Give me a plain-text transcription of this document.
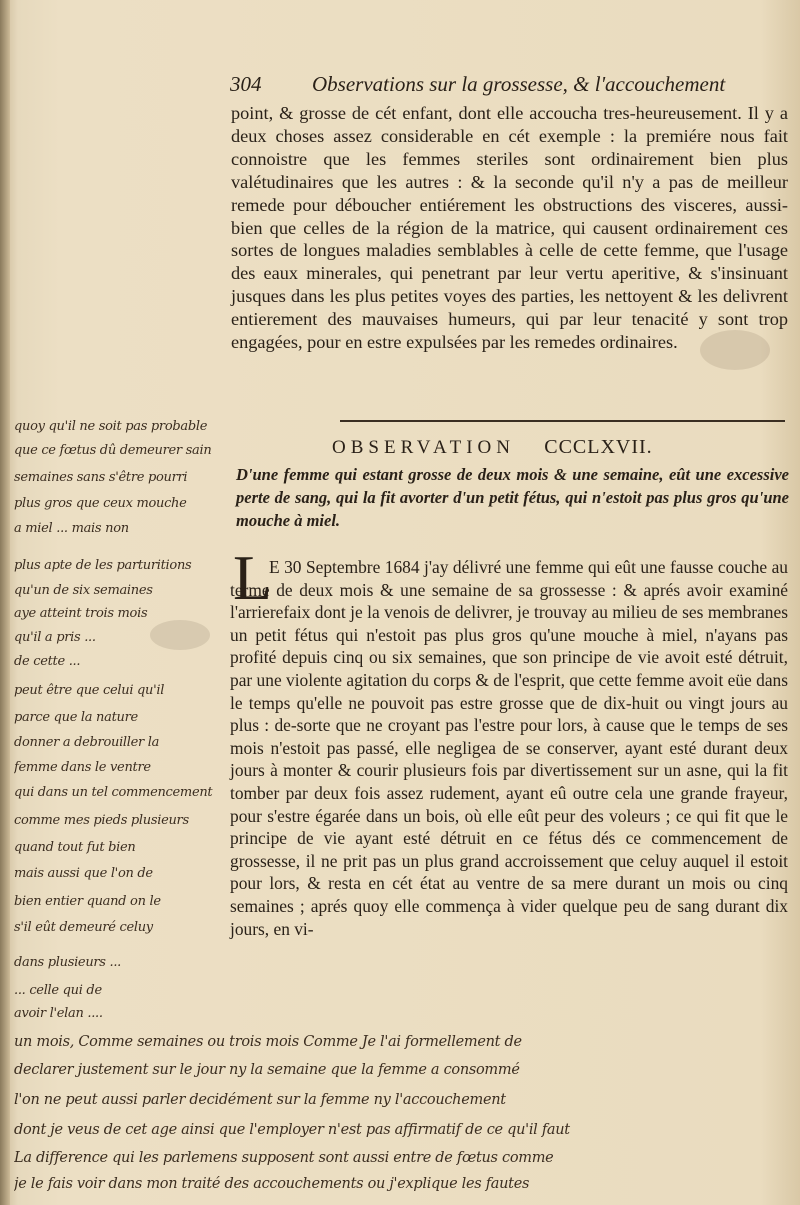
304 Observations sur la grossesse, & l'accouchement

point, & grosse de cét enfant, dont elle accoucha tres-heureusement. Il y a deux choses assez considerable en cét exemple : la premiére nous fait connoistre que les femmes steriles sont ordinairement bien plus valétudinaires que les autres : & la seconde qu'il n'y a pas de meilleur remede pour déboucher entiérement les obstructions des visceres, aussi-bien que celles de la région de la matrice, qui causent ordinairement ces sortes de longues maladies semblables à celle de cette femme, que l'usage des eaux minerales, qui penetrant par leur vertu aperitive, & s'insinuant jusques dans les plus petites voyes des parties, les nettoyent & les delivrent entierement des mauvaises humeurs, qui par leur tenacité y sont trop engagées, pour en estre expulsées par les remedes ordinaires.

OBSERVATION CCCLXVII.

D'une femme qui estant grosse de deux mois & une semaine, eût une excessive perte de sang, qui la fit avorter d'un petit fétus, qui n'estoit pas plus gros qu'une mouche à miel.

L

E 30 Septembre 1684 j'ay délivré une femme qui eût une fausse couche au terme de deux mois & une semaine de sa grossesse : & aprés avoir examiné l'arrierefaix dont je la venois de delivrer, je trouvay au milieu de ses membranes un petit fétus qui n'estoit pas plus gros qu'une mouche à miel, n'ayans pas profité depuis cinq ou six semaines, que son principe de vie avoit esté détruit, par une violente agitation du corps & de l'esprit, que cette femme avoit eüe dans le temps qu'elle ne pouvoit pas estre grosse que de dix-huit ou vingt jours au plus : de-sorte que ne croyant pas l'estre pour lors, à cause que le temps de ses mois n'estoit pas passé, elle negligea de se conserver, ayant esté durant deux jours à monter & courir plusieurs fois par divertissement sur un asne, qui la fit tomber par deux fois assez rudement, ayant eû outre cela une grande frayeur, pour s'estre égarée dans un bois, où elle eût peur des voleurs ; ce qui fit que le principe de vie ayant esté détruit en ce fétus dés ce commencement de grossesse, il ne prit pas un plus grand accroissement que celuy auquel il estoit pour lors, & resta en cét état au ventre de sa mere durant un mois ou cinq semaines ; aprés quoy elle commença à vider quelque peu de sang durant dix jours, en vi-

quoy qu'il ne soit pas probable
que ce fœtus dû demeurer sain
semaines sans s'être pourri
plus gros que ceux mouche
a miel ... mais non
plus apte de les parturitions
qu'un de six semaines
aye atteint trois mois
qu'il a pris ...
de cette ...
peut être que celui qu'il
parce que la nature
donner a debrouiller la
femme dans le ventre
qui dans un tel commencement
comme mes pieds plusieurs
quand tout fut bien
mais aussi que l'on de
bien entier quand on le
s'il eût demeuré celuy
dans plusieurs ...
... celle qui de
avoir l'elan ....
un mois, Comme semaines ou trois mois Comme Je l'ai formellement de
declarer justement sur le jour ny la semaine que la femme a consommé
l'on ne peut aussi parler decidément sur la femme ny l'accouchement
dont je veus de cet age ainsi que l'employer n'est pas affirmatif de ce qu'il faut
La difference qui les parlemens supposent sont aussi entre de fœtus comme
je le fais voir dans mon traité des accouchements ou j'explique les fautes
